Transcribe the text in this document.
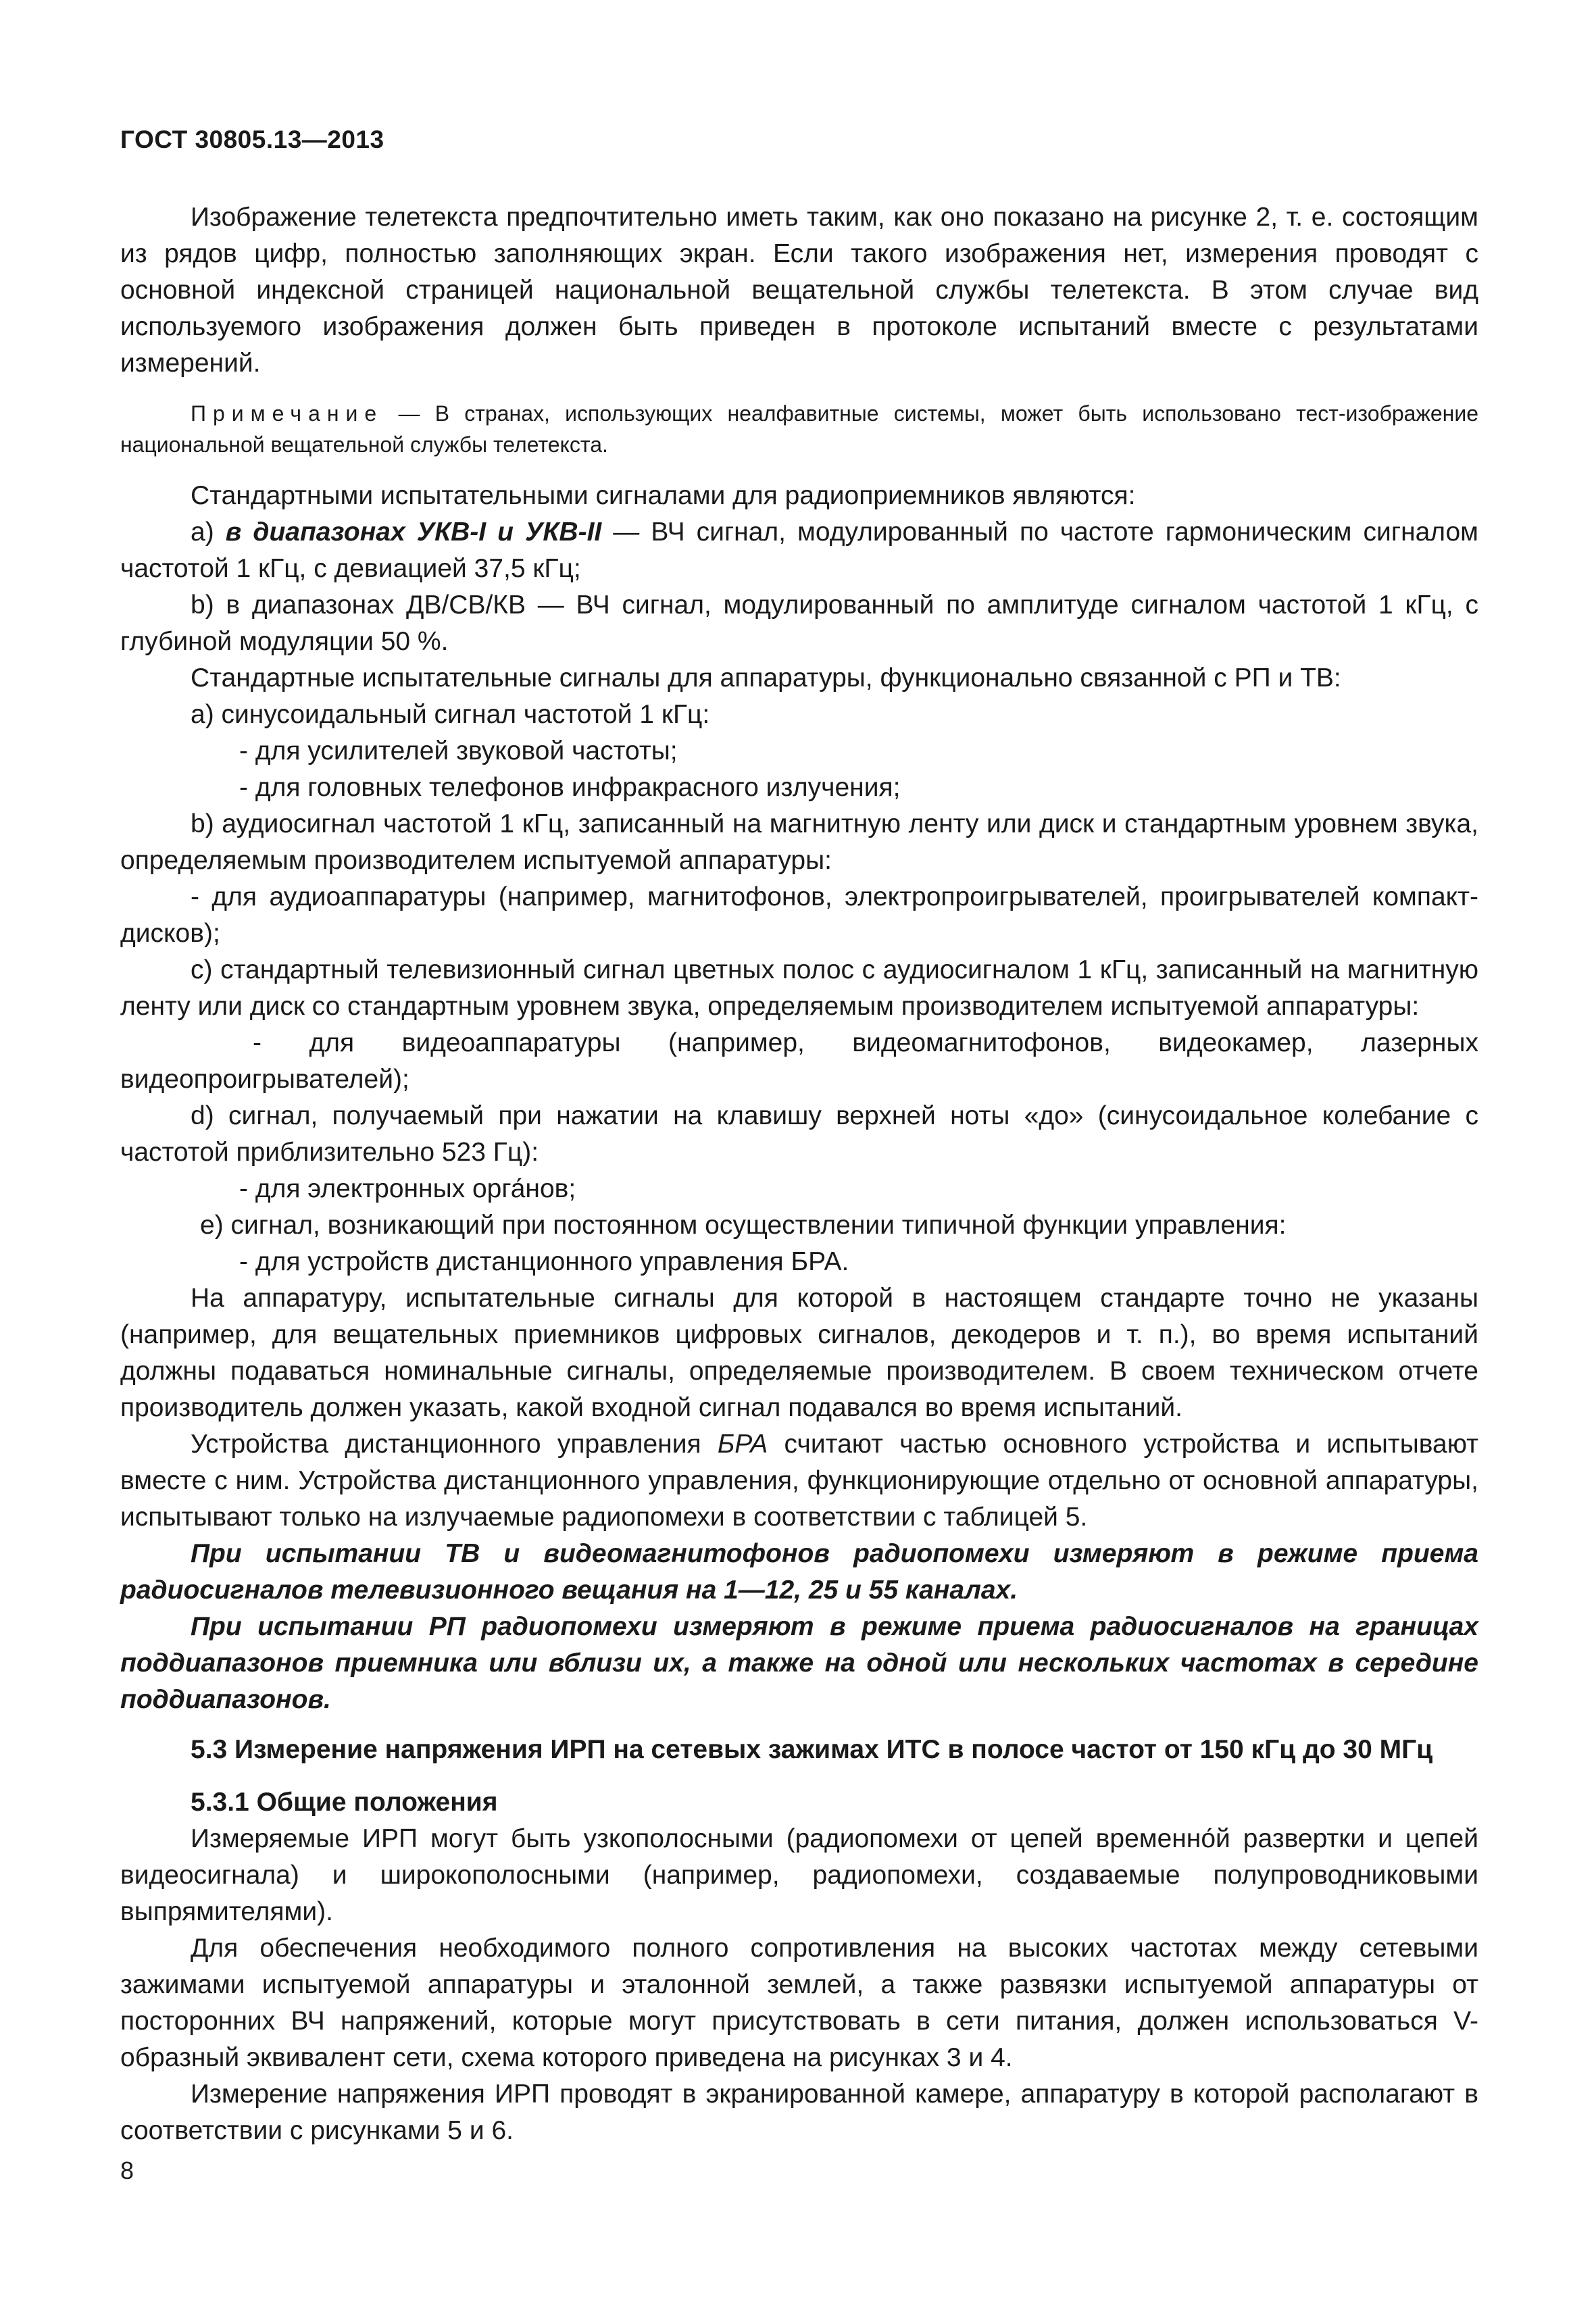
ГОСТ 30805.13—2013

Изображение телетекста предпочтительно иметь таким, как оно показано на рисунке 2, т. е. состоящим из рядов цифр, полностью заполняющих экран. Если такого изображения нет, измерения проводят с основной индексной страницей национальной вещательной службы телетекста. В этом случае вид используемого изображения должен быть приведен в протоколе испытаний вместе с результатами измерений.

Примечание — В странах, использующих неалфавитные системы, может быть использовано тест-изображение национальной вещательной службы телетекста.

Стандартными испытательными сигналами для радиоприемников являются:

a) в диапазонах УКВ-I и УКВ-II — ВЧ сигнал, модулированный по частоте гармоническим сигналом частотой 1 кГц, с девиацией 37,5 кГц;

b) в диапазонах ДВ/СВ/КВ — ВЧ сигнал, модулированный по амплитуде сигналом частотой 1 кГц, с глубиной модуляции 50 %.

Стандартные испытательные сигналы для аппаратуры, функционально связанной с РП и ТВ:

a) синусоидальный сигнал частотой 1 кГц:

- для усилителей звуковой частоты;

- для головных телефонов инфракрасного излучения;

b) аудиосигнал частотой 1 кГц, записанный на магнитную ленту или диск и стандартным уровнем звука, определяемым производителем испытуемой аппаратуры:

- для аудиоаппаратуры (например, магнитофонов, электропроигрывателей, проигрывателей компакт-дисков);

c) стандартный телевизионный сигнал цветных полос с аудиосигналом 1 кГц, записанный на магнитную ленту или диск со стандартным уровнем звука, определяемым производителем испытуемой аппаратуры:

- для видеоаппаратуры (например, видеомагнитофонов, видеокамер, лазерных видеопроигрывателей);

d) сигнал, получаемый при нажатии на клавишу верхней ноты «до» (синусоидальное колебание с частотой приблизительно 523 Гц):

- для электронных орга́нов;

e) сигнал, возникающий при постоянном осуществлении типичной функции управления:

- для устройств дистанционного управления БРА.

На аппаратуру, испытательные сигналы для которой в настоящем стандарте точно не указаны (например, для вещательных приемников цифровых сигналов, декодеров и т. п.), во время испытаний должны подаваться номинальные сигналы, определяемые производителем. В своем техническом отчете производитель должен указать, какой входной сигнал подавался во время испытаний.

Устройства дистанционного управления БРА считают частью основного устройства и испытывают вместе с ним. Устройства дистанционного управления, функционирующие отдельно от основной аппаратуры, испытывают только на излучаемые радиопомехи в соответствии с таблицей 5.

При испытании ТВ и видеомагнитофонов радиопомехи измеряют в режиме приема радиосигналов телевизионного вещания на 1—12, 25 и 55 каналах.

При испытании РП радиопомехи измеряют в режиме приема радиосигналов на границах поддиапазонов приемника или вблизи их, а также на одной или нескольких частотах в середине поддиапазонов.

5.3 Измерение напряжения ИРП на сетевых зажимах ИТС в полосе частот от 150 кГц до 30 МГц

5.3.1 Общие положения

Измеряемые ИРП могут быть узкополосными (радиопомехи от цепей временно́й развертки и цепей видеосигнала) и широкополосными (например, радиопомехи, создаваемые полупроводниковыми выпрямителями).

Для обеспечения необходимого полного сопротивления на высоких частотах между сетевыми зажимами испытуемой аппаратуры и эталонной землей, а также развязки испытуемой аппаратуры от посторонних ВЧ напряжений, которые могут присутствовать в сети питания, должен использоваться V-образный эквивалент сети, схема которого приведена на рисунках 3 и 4.

Измерение напряжения ИРП проводят в экранированной камере, аппаратуру в которой располагают в соответствии с рисунками 5 и 6.

8
